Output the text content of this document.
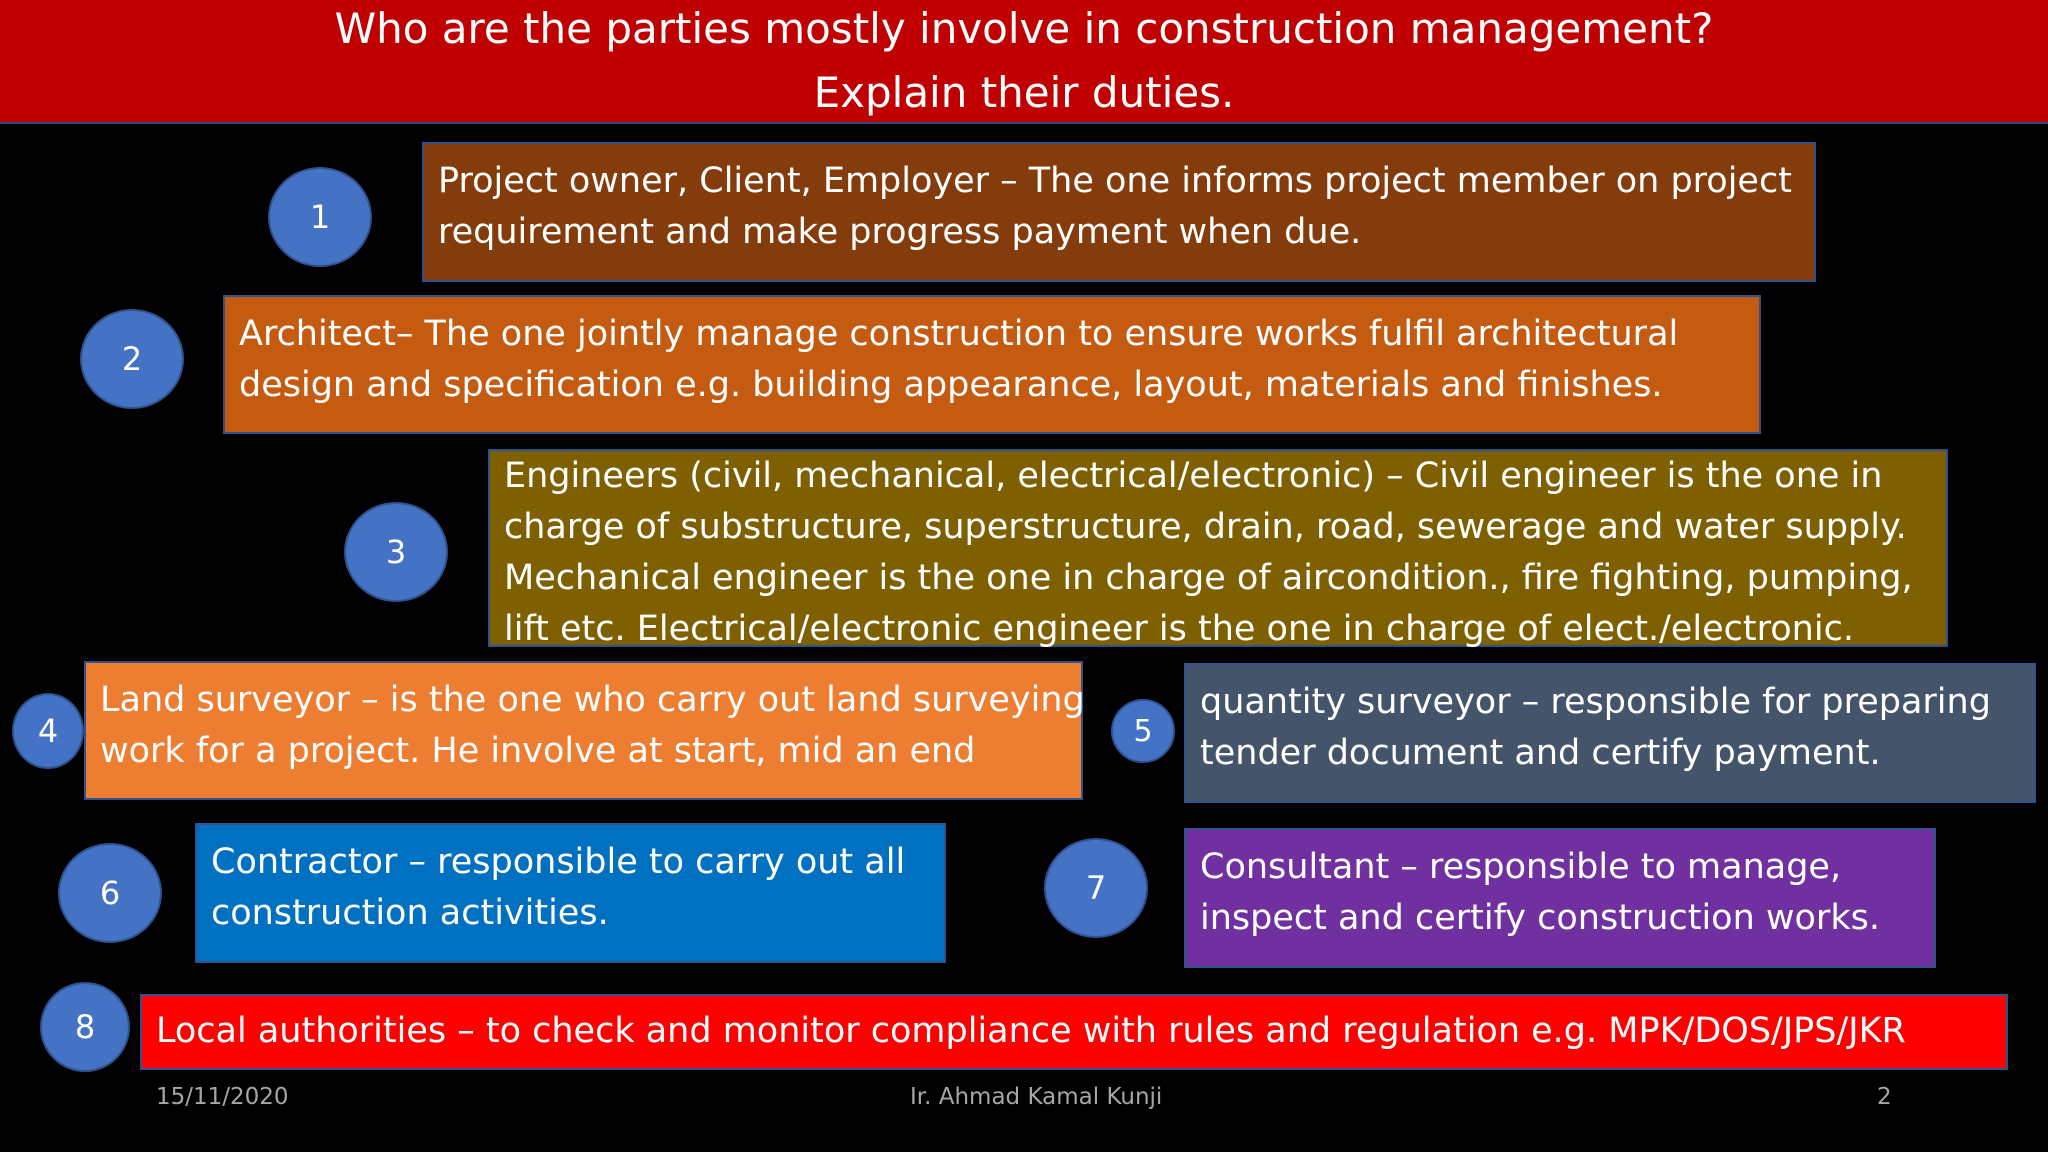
Who are the parties mostly involve in construction management?
Explain their duties.
1
Project owner, Client, Employer – The one informs project member on project
requirement and make progress payment when due.
2
Architect– The one jointly manage construction to ensure works fulfil architectural
design and specification e.g. building appearance, layout, materials and finishes.
3
Engineers (civil, mechanical, electrical/electronic) – Civil engineer is the one in
charge of substructure, superstructure, drain, road, sewerage and water supply.
Mechanical engineer is the one in charge of aircondition., fire fighting, pumping,
lift etc. Electrical/electronic engineer is the one in charge of elect./electronic.
4
Land surveyor – is the one who carry out land surveying
work for a project. He involve at start, mid an end	5
quantity surveyor – responsible for preparing
tender document and certify payment.
6
Contractor – responsible to carry out all
construction activities.
7
Consultant – responsible to manage,
inspect and certify construction works.
8	Local authorities – to check and monitor compliance with rules and regulation e.g. MPK/DOS/JPS/JKR
15/11/2020	Ir. Ahmad Kamal Kunji	2
